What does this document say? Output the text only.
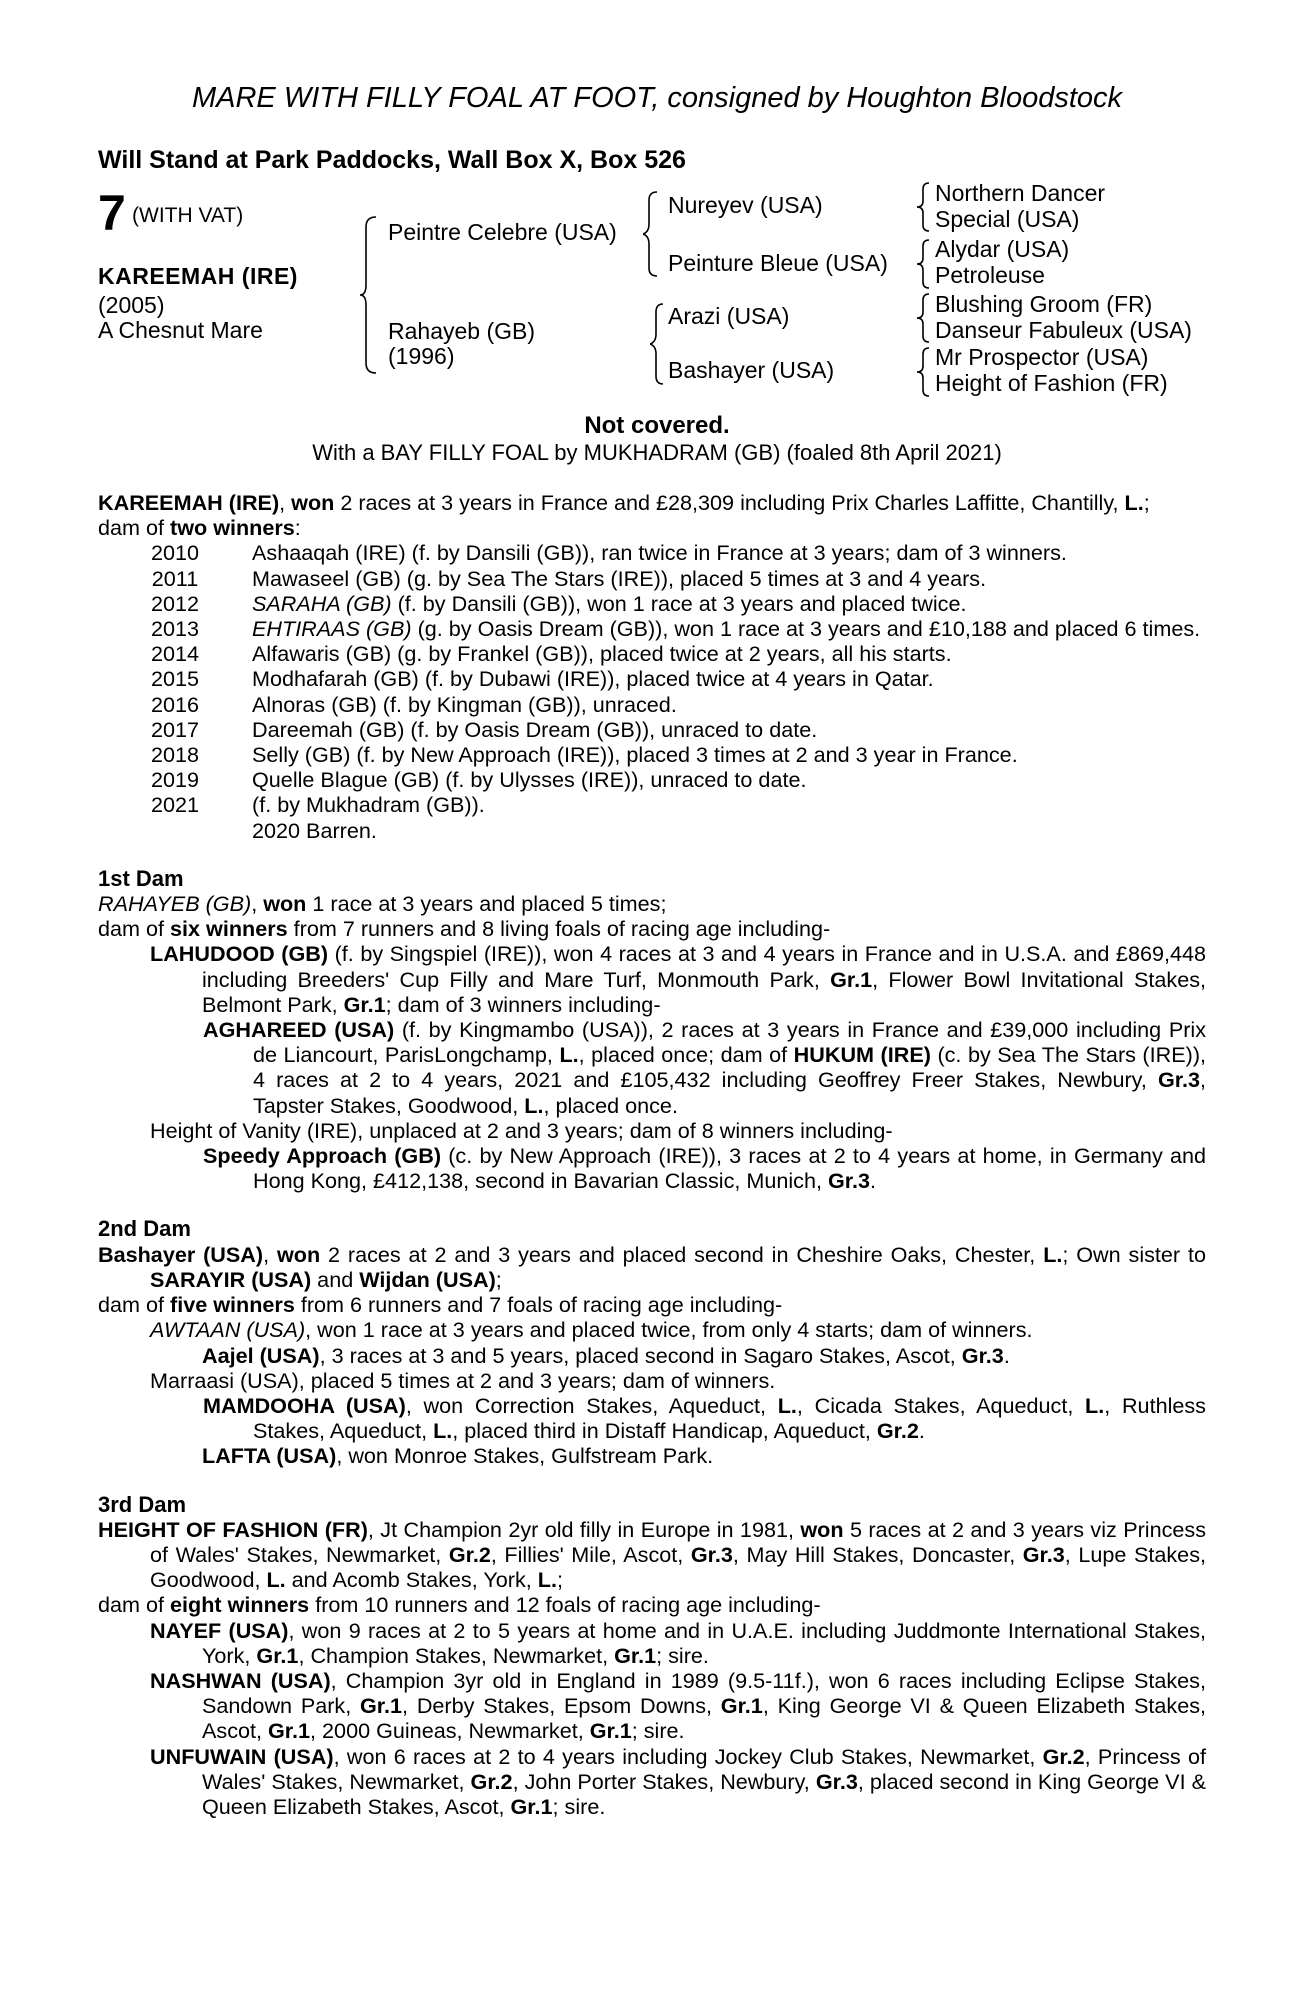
MARE WITH FILLY FOAL AT FOOT, consigned by Houghton Bloodstock
Will Stand at Park Paddocks, Wall Box X, Box 526
7 (WITH VAT)
KAREEMAH (IRE)
(2005)
A Chesnut Mare
Peintre Celebre (USA)
Rahayeb (GB)
(1996)
Nureyev (USA)
Peinture Bleue (USA)
Arazi (USA)
Bashayer (USA)
Northern Dancer
Special (USA)
Alydar (USA)
Petroleuse
Blushing Groom (FR)
Danseur Fabuleux (USA)
Mr Prospector (USA)
Height of Fashion (FR)
Not covered.
With a BAY FILLY FOAL by MUKHADRAM (GB) (foaled 8th April 2021)
KAREEMAH (IRE), won 2 races at 3 years in France and £28,309 including Prix Charles Laffitte, Chantilly, L.;
dam of two winners:
2010	Ashaaqah (IRE) (f. by Dansili (GB)), ran twice in France at 3 years; dam of 3 winners.
2011	Mawaseel (GB) (g. by Sea The Stars (IRE)), placed 5 times at 3 and 4 years.
2012	SARAHA (GB) (f. by Dansili (GB)), won 1 race at 3 years and placed twice.
2013	EHTIRAAS (GB) (g. by Oasis Dream (GB)), won 1 race at 3 years and £10,188 and placed 6 times.
2014	Alfawaris (GB) (g. by Frankel (GB)), placed twice at 2 years, all his starts.
2015	Modhafarah (GB) (f. by Dubawi (IRE)), placed twice at 4 years in Qatar.
2016	Alnoras (GB) (f. by Kingman (GB)), unraced.
2017	Dareemah (GB) (f. by Oasis Dream (GB)), unraced to date.
2018	Selly (GB) (f. by New Approach (IRE)), placed 3 times at 2 and 3 year in France.
2019	Quelle Blague (GB) (f. by Ulysses (IRE)), unraced to date.
2021	(f. by Mukhadram (GB)).
2020 Barren.
1st Dam
RAHAYEB (GB), won 1 race at 3 years and placed 5 times;
dam of six winners from 7 runners and 8 living foals of racing age including-
LAHUDOOD (GB) (f. by Singspiel (IRE)), won 4 races at 3 and 4 years in France and in U.S.A. and £869,448 including Breeders' Cup Filly and Mare Turf, Monmouth Park, Gr.1, Flower Bowl Invitational Stakes, Belmont Park, Gr.1; dam of 3 winners including-
AGHAREED (USA) (f. by Kingmambo (USA)), 2 races at 3 years in France and £39,000 including Prix de Liancourt, ParisLongchamp, L., placed once; dam of HUKUM (IRE) (c. by Sea The Stars (IRE)), 4 races at 2 to 4 years, 2021 and £105,432 including Geoffrey Freer Stakes, Newbury, Gr.3, Tapster Stakes, Goodwood, L., placed once.
Height of Vanity (IRE), unplaced at 2 and 3 years; dam of 8 winners including-
Speedy Approach (GB) (c. by New Approach (IRE)), 3 races at 2 to 4 years at home, in Germany and Hong Kong, £412,138, second in Bavarian Classic, Munich, Gr.3.
2nd Dam
Bashayer (USA), won 2 races at 2 and 3 years and placed second in Cheshire Oaks, Chester, L.; Own sister to SARAYIR (USA) and Wijdan (USA);
dam of five winners from 6 runners and 7 foals of racing age including-
AWTAAN (USA), won 1 race at 3 years and placed twice, from only 4 starts; dam of winners.
Aajel (USA), 3 races at 3 and 5 years, placed second in Sagaro Stakes, Ascot, Gr.3.
Marraasi (USA), placed 5 times at 2 and 3 years; dam of winners.
MAMDOOHA (USA), won Correction Stakes, Aqueduct, L., Cicada Stakes, Aqueduct, L., Ruthless Stakes, Aqueduct, L., placed third in Distaff Handicap, Aqueduct, Gr.2.
LAFTA (USA), won Monroe Stakes, Gulfstream Park.
3rd Dam
HEIGHT OF FASHION (FR), Jt Champion 2yr old filly in Europe in 1981, won 5 races at 2 and 3 years viz Princess of Wales' Stakes, Newmarket, Gr.2, Fillies' Mile, Ascot, Gr.3, May Hill Stakes, Doncaster, Gr.3, Lupe Stakes, Goodwood, L. and Acomb Stakes, York, L.;
dam of eight winners from 10 runners and 12 foals of racing age including-
NAYEF (USA), won 9 races at 2 to 5 years at home and in U.A.E. including Juddmonte International Stakes, York, Gr.1, Champion Stakes, Newmarket, Gr.1; sire.
NASHWAN (USA), Champion 3yr old in England in 1989 (9.5-11f.), won 6 races including Eclipse Stakes, Sandown Park, Gr.1, Derby Stakes, Epsom Downs, Gr.1, King George VI & Queen Elizabeth Stakes, Ascot, Gr.1, 2000 Guineas, Newmarket, Gr.1; sire.
UNFUWAIN (USA), won 6 races at 2 to 4 years including Jockey Club Stakes, Newmarket, Gr.2, Princess of Wales' Stakes, Newmarket, Gr.2, John Porter Stakes, Newbury, Gr.3, placed second in King George VI & Queen Elizabeth Stakes, Ascot, Gr.1; sire.
